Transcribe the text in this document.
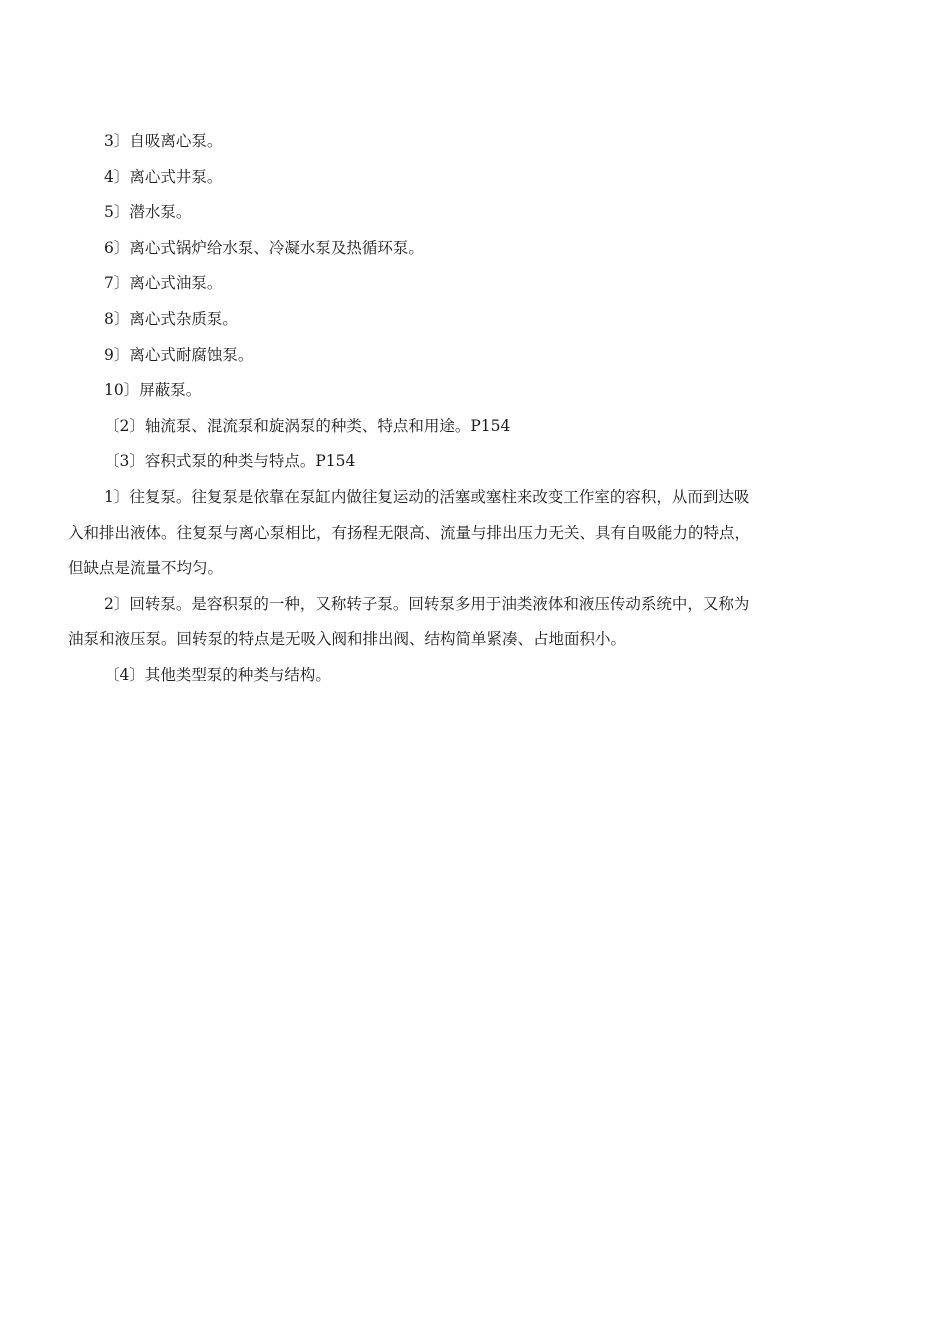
3〕自吸离心泵。
4〕离心式井泵。
5〕潜水泵。
6〕离心式锅炉给水泵、冷凝水泵及热循环泵。
7〕离心式油泵。
8〕离心式杂质泵。
9〕离心式耐腐蚀泵。
10〕屏蔽泵。
〔2〕轴流泵、混流泵和旋涡泵的种类、特点和用途。P154
〔3〕容积式泵的种类与特点。P154
1〕往复泵。往复泵是依靠在泵缸内做往复运动的活塞或塞柱来改变工作室的容积，从而到达吸
入和排出液体。往复泵与离心泵相比，有扬程无限高、流量与排出压力无关、具有自吸能力的特点，
但缺点是流量不均匀。
2〕回转泵。是容积泵的一种，又称转子泵。回转泵多用于油类液体和液压传动系统中，又称为
油泵和液压泵。回转泵的特点是无吸入阀和排出阀、结构简单紧凑、占地面积小。
〔4〕其他类型泵的种类与结构。
